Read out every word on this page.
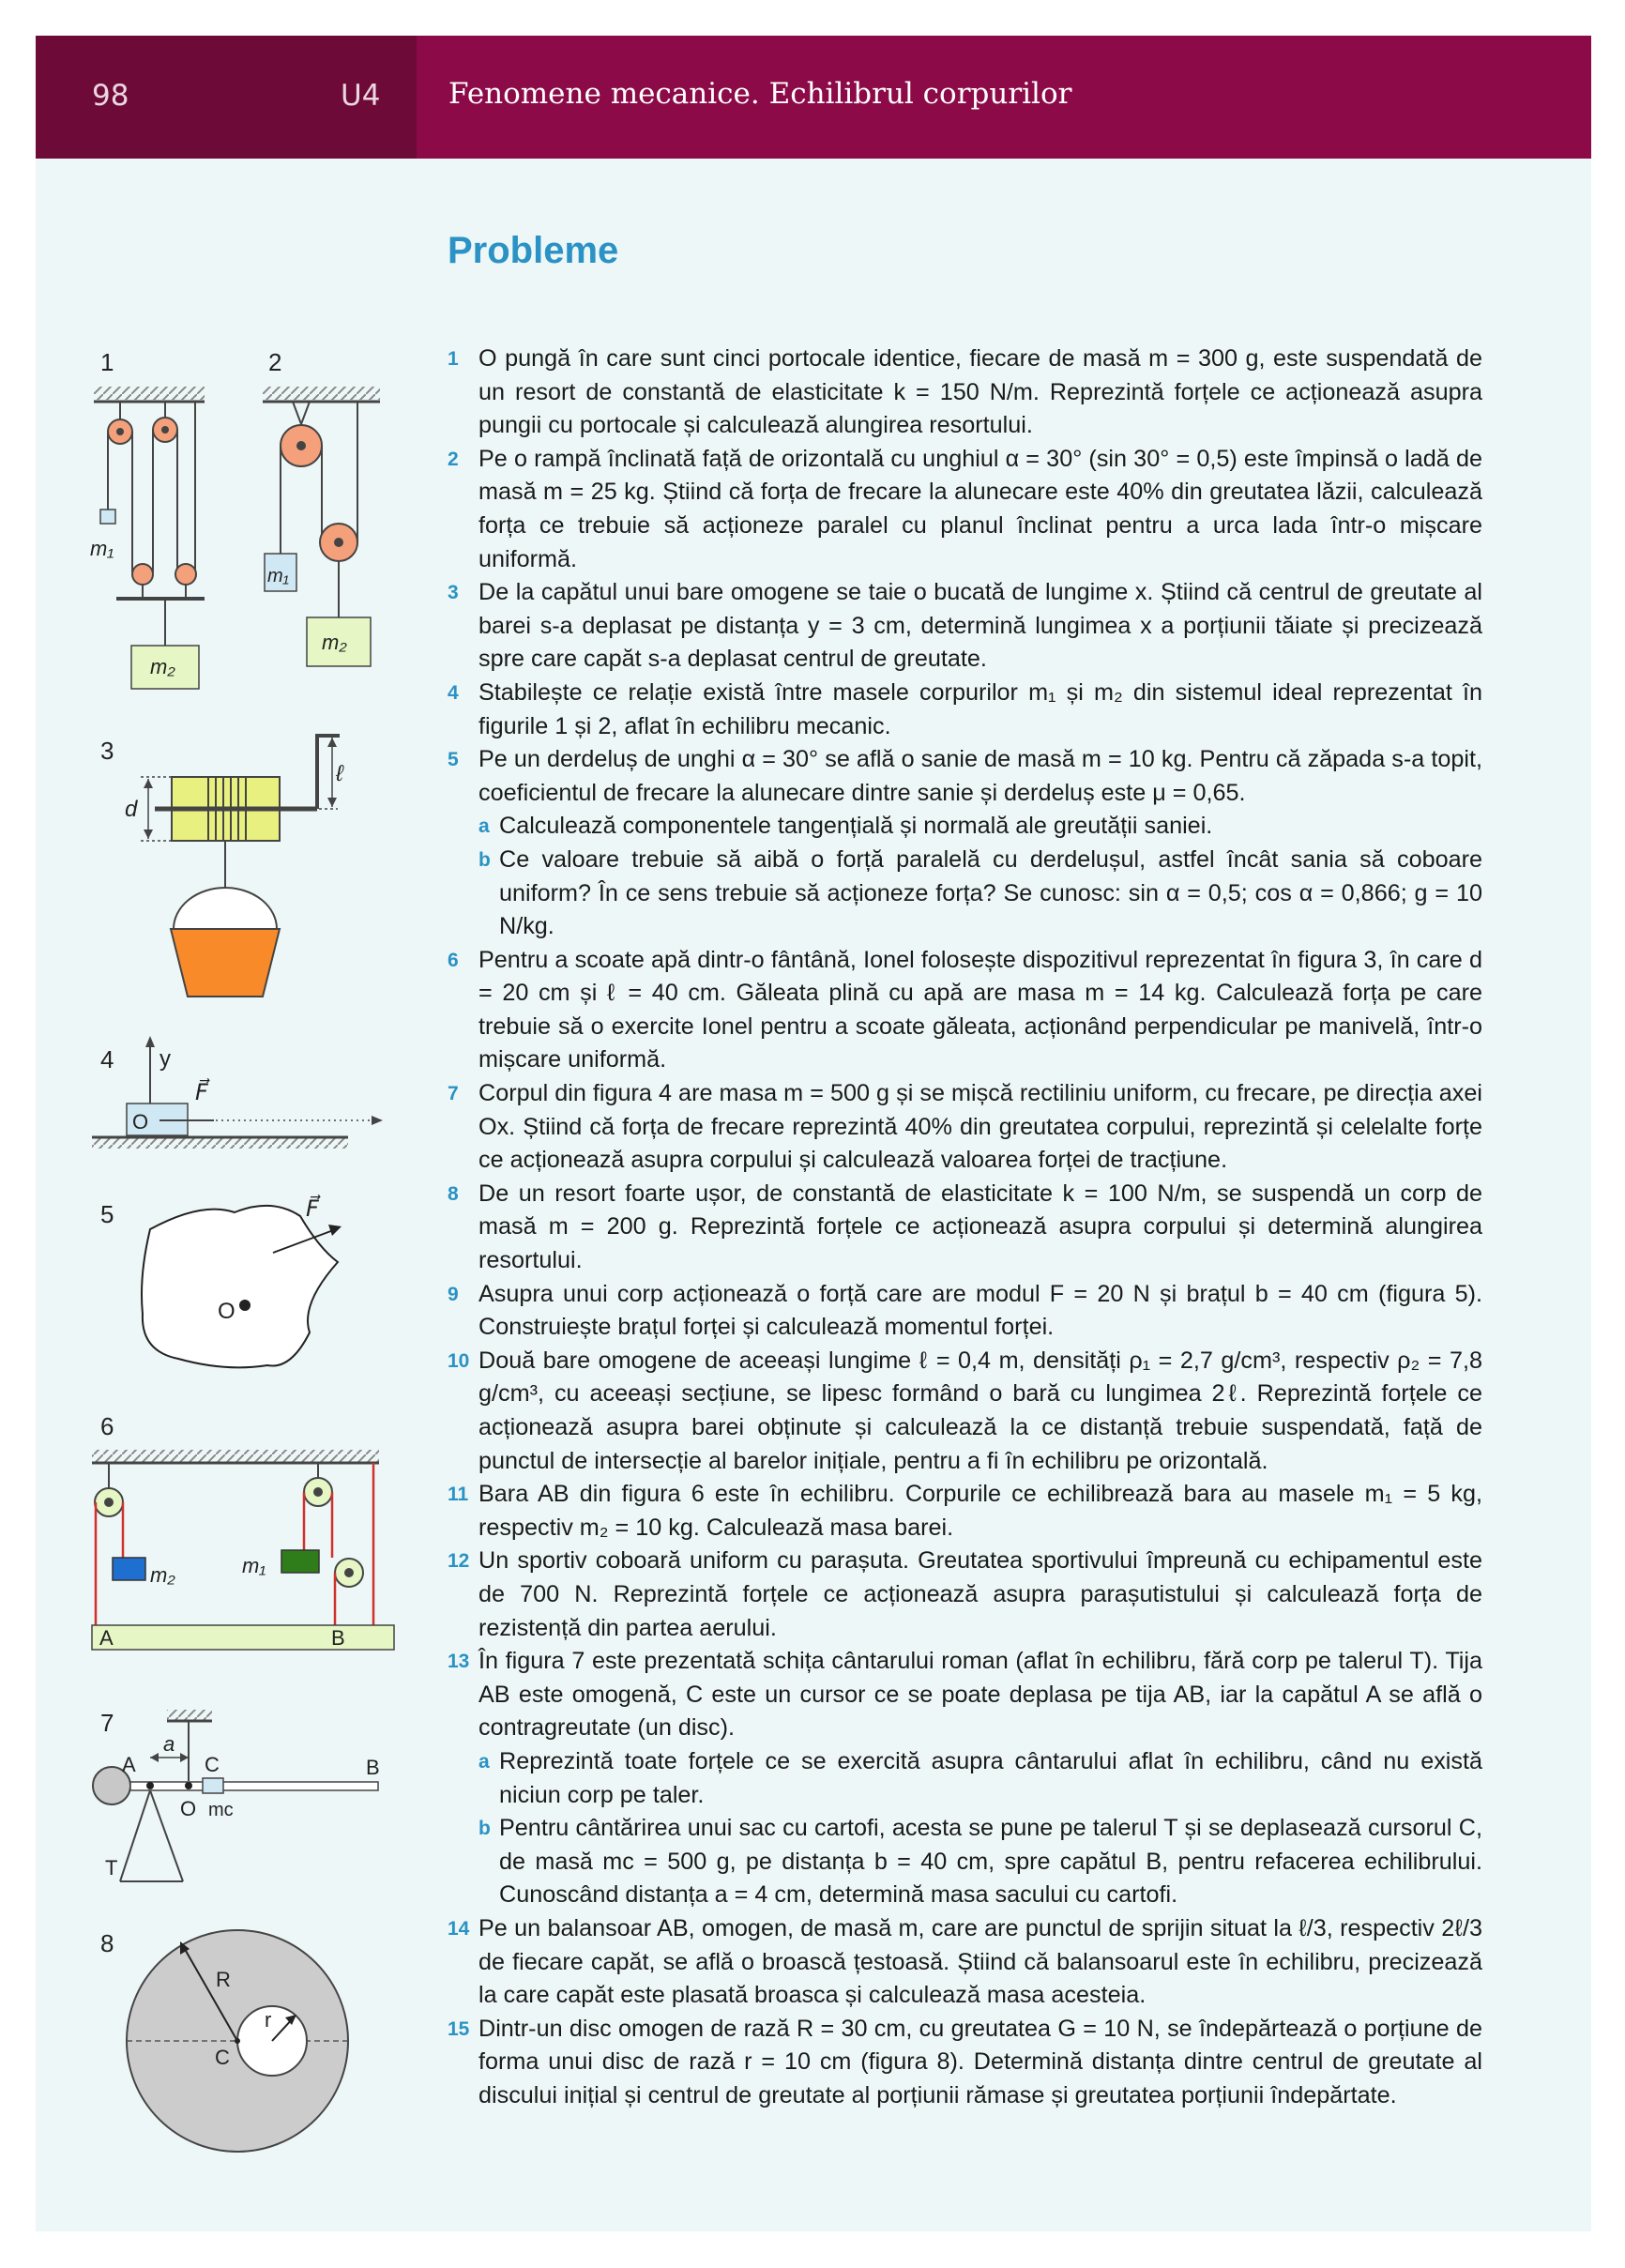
98	U4 Fenomene mecanice. Echilibrul corpurilor
Probleme
1	2
3
4
5
6
7
8
m₁
m₂
m₁
m₂
d
ℓ
y
O
F⃗
F⃗
O
m₂	m₁
A	B
a
A	C	B
O mc
T
R
r
C
1 O pungă în care sunt cinci portocale identice, fiecare de masă m = 300 g, este suspendată de un resort de constantă de elasticitate k = 150 N/m. Reprezintă forțele ce acționează asupra pungii cu portocale și calculează alungirea resortului.
2 Pe o rampă înclinată față de orizontală cu unghiul α = 30° (sin 30° = 0,5) este împinsă o ladă de masă m = 25 kg. Știind că forța de frecare la alunecare este 40% din greutatea lăzii, calculează forța ce trebuie să acționeze paralel cu planul înclinat pentru a urca lada într-o mișcare uniformă.
3 De la capătul unui bare omogene se taie o bucată de lungime x. Știind că centrul de greutate al barei s-a deplasat pe distanța y = 3 cm, determină lungimea x a porțiunii tăiate și precizează spre care capăt s-a deplasat centrul de greutate.
4 Stabilește ce relație există între masele corpurilor m₁ și m₂ din sistemul ideal reprezentat în figurile 1 și 2, aflat în echilibru mecanic.
5 Pe un derdeluș de unghi α = 30° se află o sanie de masă m = 10 kg. Pentru că zăpada s-a topit, coeficientul de frecare la alunecare dintre sanie și derdeluș este μ = 0,65.
a Calculează componentele tangențială și normală ale greutății saniei.
b Ce valoare trebuie să aibă o forță paralelă cu derdelușul, astfel încât sania să coboare uniform? În ce sens trebuie să acționeze forța? Se cunosc: sin α = 0,5; cos α = 0,866; g = 10 N/kg.
6 Pentru a scoate apă dintr-o fântână, Ionel folosește dispozitivul reprezentat în figura 3, în care d = 20 cm și ℓ = 40 cm. Găleata plină cu apă are masa m = 14 kg. Calculează forța pe care trebuie să o exercite Ionel pentru a scoate găleata, acționând perpendicular pe manivelă, într-o mișcare uniformă.
7 Corpul din figura 4 are masa m = 500 g și se mișcă rectiliniu uniform, cu frecare, pe direcția axei Ox. Știind că forța de frecare reprezintă 40% din greutatea corpului, reprezintă și celelalte forțe ce acționează asupra corpului și calculează valoarea forței de tracțiune.
8 De un resort foarte ușor, de constantă de elasticitate k = 100 N/m, se suspendă un corp de masă m = 200 g. Reprezintă forțele ce acționează asupra corpului și determină alungirea resortului.
9 Asupra unui corp acționează o forță care are modul F = 20 N și brațul b = 40 cm (figura 5). Construiește brațul forței și calculează momentul forței.
10 Două bare omogene de aceeași lungime ℓ = 0,4 m, densități ρ₁ = 2,7 g/cm³, respectiv ρ₂ = 7,8 g/cm³, cu aceeași secțiune, se lipesc formând o bară cu lungimea 2ℓ. Reprezintă forțele ce acționează asupra barei obținute și calculează la ce distanță trebuie suspendată, față de punctul de intersecție al barelor inițiale, pentru a fi în echilibru pe orizontală.
11 Bara AB din figura 6 este în echilibru. Corpurile ce echilibrează bara au masele m₁ = 5 kg, respectiv m₂ = 10 kg. Calculează masa barei.
12 Un sportiv coboară uniform cu parașuta. Greutatea sportivului împreună cu echipamentul este de 700 N. Reprezintă forțele ce acționează asupra parașutistului și calculează forța de rezistență din partea aerului.
13 În figura 7 este prezentată schița cântarului roman (aflat în echilibru, fără corp pe talerul T). Tija AB este omogenă, C este un cursor ce se poate deplasa pe tija AB, iar la capătul A se află o contragreutate (un disc).
a Reprezintă toate forțele ce se exercită asupra cântarului aflat în echilibru, când nu există niciun corp pe taler.
b Pentru cântărirea unui sac cu cartofi, acesta se pune pe talerul T și se deplasează cursorul C, de masă mc = 500 g, pe distanța b = 40 cm, spre capătul B, pentru refacerea echilibrului. Cunoscând distanța a = 4 cm, determină masa sacului cu cartofi.
14 Pe un balansoar AB, omogen, de masă m, care are punctul de sprijin situat la ℓ/3, respectiv 2ℓ/3 de fiecare capăt, se află o broască țestoasă. Știind că balansoarul este în echilibru, precizează la care capăt este plasată broasca și calculează masa acesteia.
15 Dintr-un disc omogen de rază R = 30 cm, cu greutatea G = 10 N, se îndepărtează o porțiune de forma unui disc de rază r = 10 cm (figura 8). Determină distanța dintre centrul de greutate al discului inițial și centrul de greutate al porțiunii rămase și greutatea porțiunii îndepărtate.
